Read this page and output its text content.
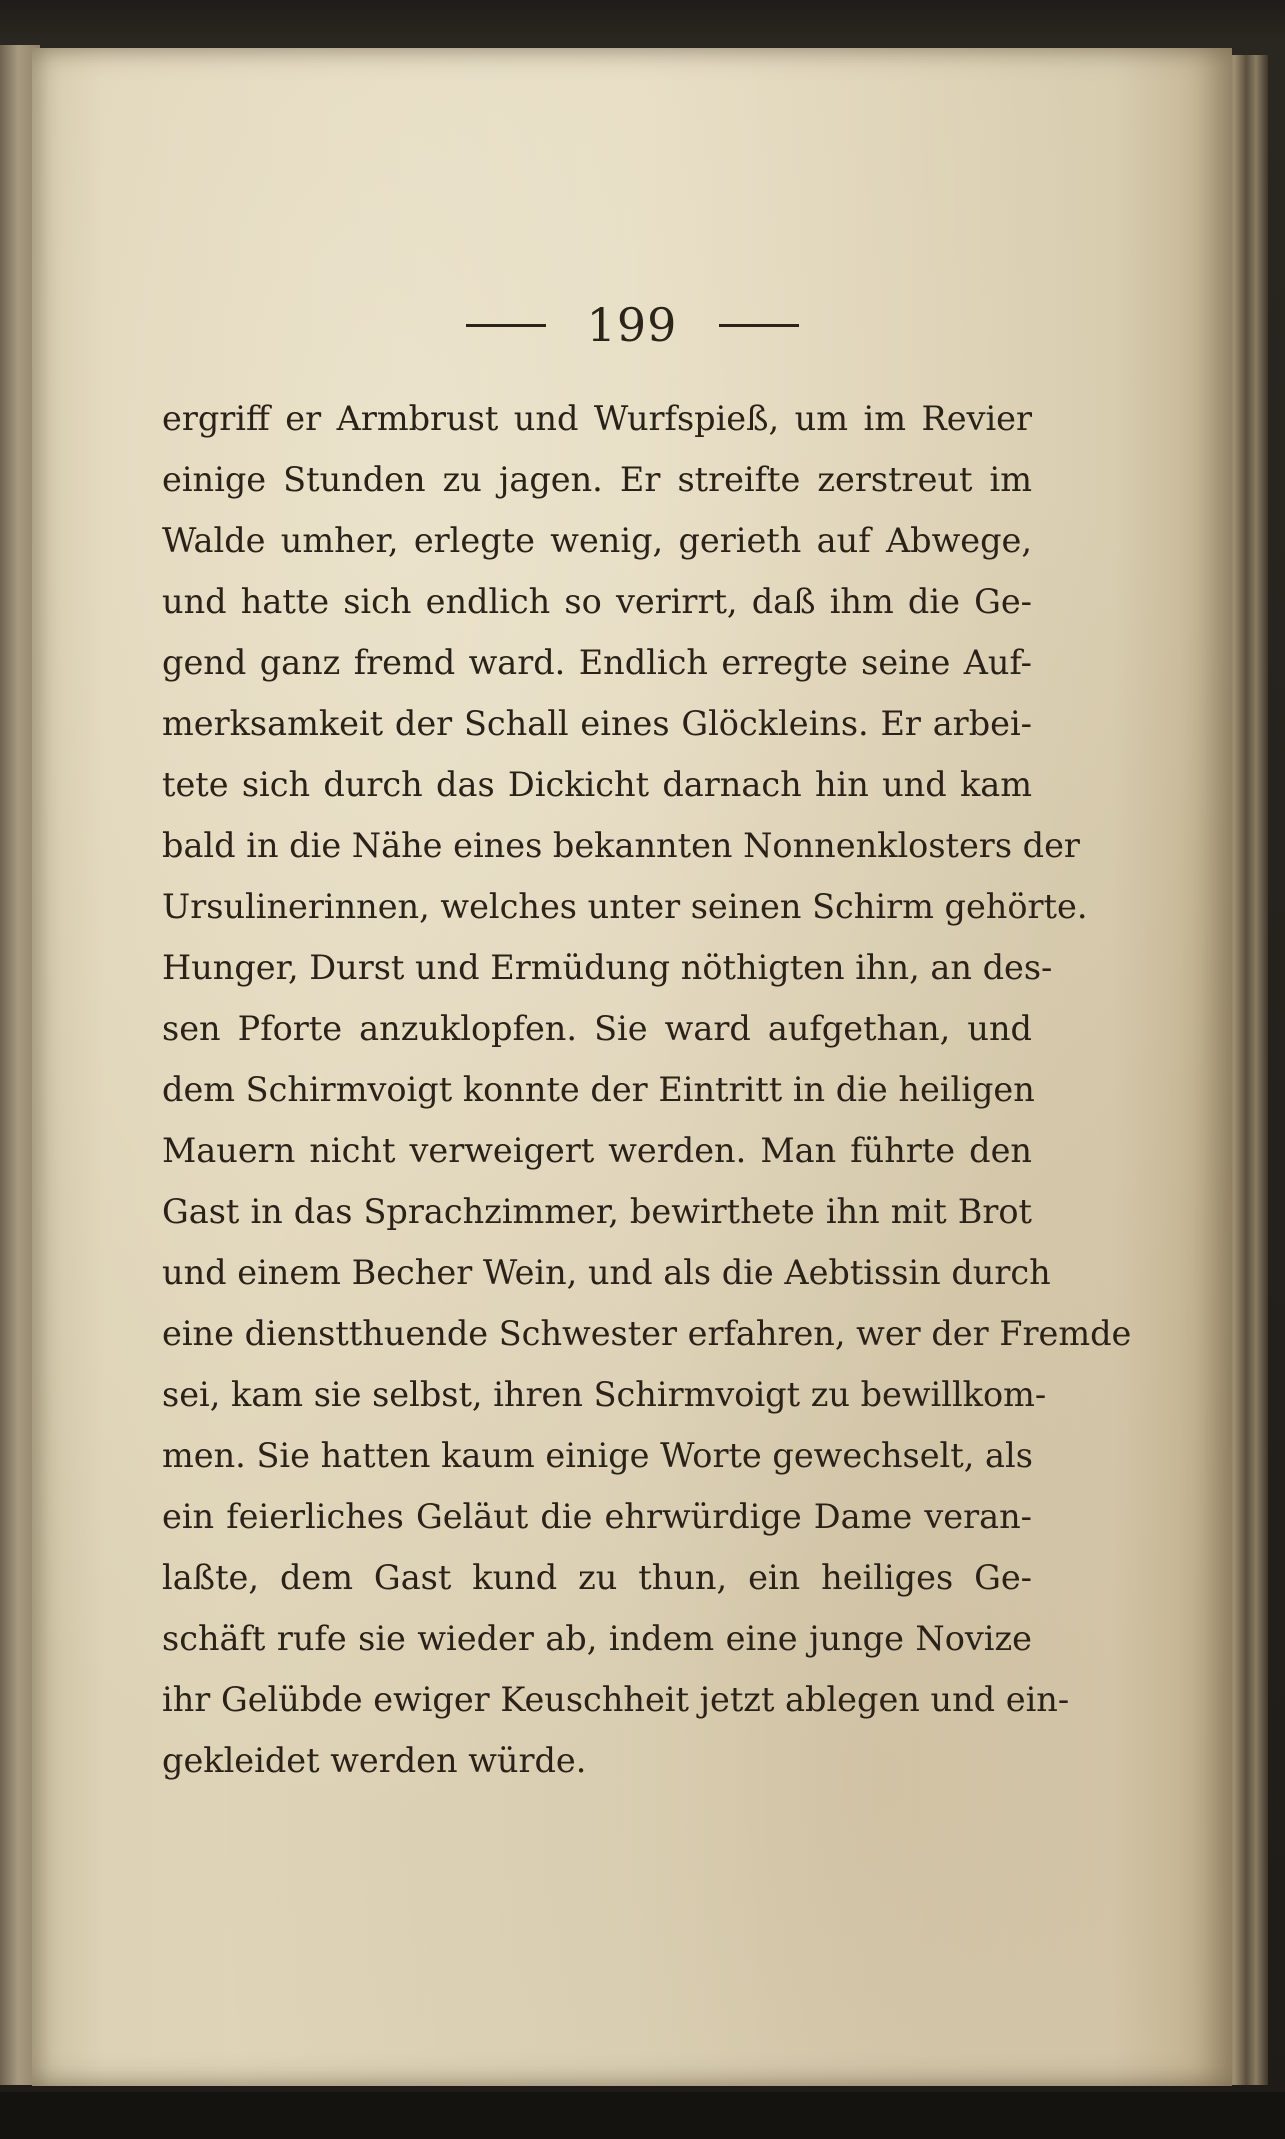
199
ergriff er Armbrust und Wurfspieß, um im Revier
einige Stunden zu jagen. Er streifte zerstreut im
Walde umher, erlegte wenig, gerieth auf Abwege,
und hatte sich endlich so verirrt, daß ihm die Ge-
gend ganz fremd ward. Endlich erregte seine Auf-
merksamkeit der Schall eines Glöckleins. Er arbei-
tete sich durch das Dickicht darnach hin und kam
bald in die Nähe eines bekannten Nonnenklosters der
Ursulinerinnen, welches unter seinen Schirm gehörte.
Hunger, Durst und Ermüdung nöthigten ihn, an des-
sen Pforte anzuklopfen. Sie ward aufgethan, und
dem Schirmvoigt konnte der Eintritt in die heiligen
Mauern nicht verweigert werden. Man führte den
Gast in das Sprachzimmer, bewirthete ihn mit Brot
und einem Becher Wein, und als die Aebtissin durch
eine dienstthuende Schwester erfahren, wer der Fremde
sei, kam sie selbst, ihren Schirmvoigt zu bewillkom-
men. Sie hatten kaum einige Worte gewechselt, als
ein feierliches Geläut die ehrwürdige Dame veran-
laßte, dem Gast kund zu thun, ein heiliges Ge-
schäft rufe sie wieder ab, indem eine junge Novize
ihr Gelübde ewiger Keuschheit jetzt ablegen und ein-
gekleidet werden würde.
